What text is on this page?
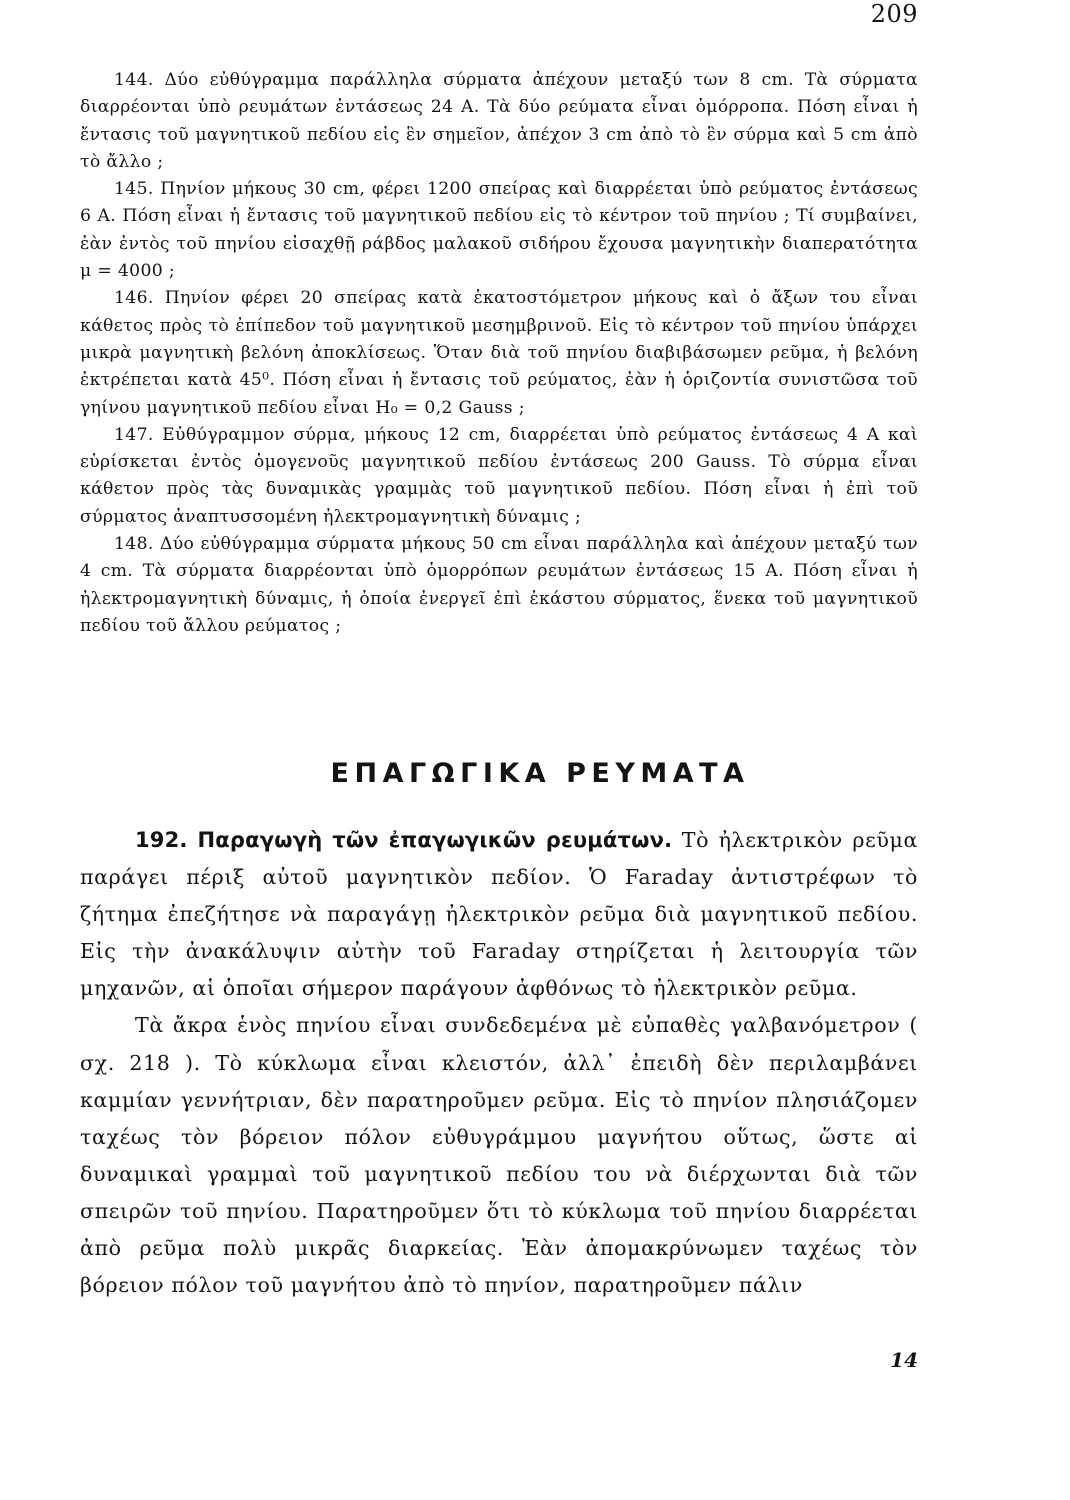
209

144. Δύο εὐθύγραμμα παράλληλα σύρματα ἀπέχουν μεταξύ των 8 cm. Τὰ σύρματα διαρρέονται ὑπὸ ρευμάτων ἐντάσεως 24 Α. Τὰ δύο ρεύματα εἶναι ὁμόρροπα. Πόση εἶναι ἡ ἔντασις τοῦ μαγνητικοῦ πεδίου εἰς ἓν σημεῖον, ἀπέχον 3 cm ἀπὸ τὸ ἓν σύρμα καὶ 5 cm ἀπὸ τὸ ἄλλο ;

145. Πηνίον μήκους 30 cm, φέρει 1200 σπείρας καὶ διαρρέεται ὑπὸ ρεύματος ἐντάσεως 6 Α. Πόση εἶναι ἡ ἔντασις τοῦ μαγνητικοῦ πεδίου εἰς τὸ κέντρον τοῦ πηνίου ; Τί συμβαίνει, ἐὰν ἐντὸς τοῦ πηνίου εἰσαχθῇ ράβδος μαλακοῦ σιδήρου ἔχουσα μαγνητικὴν διαπερατότητα μ = 4000 ;

146. Πηνίον φέρει 20 σπείρας κατὰ ἑκατοστόμετρον μήκους καὶ ὁ ἄξων του εἶναι κάθετος πρὸς τὸ ἐπίπεδον τοῦ μαγνητικοῦ μεσημβρινοῦ. Εἰς τὸ κέντρον τοῦ πηνίου ὑπάρχει μικρὰ μαγνητικὴ βελόνη ἀποκλίσεως. Ὅταν διὰ τοῦ πηνίου διαβιβάσωμεν ρεῦμα, ἡ βελόνη ἐκτρέπεται κατὰ 45⁰. Πόση εἶναι ἡ ἔντασις τοῦ ρεύματος, ἐὰν ἡ ὁριζοντία συνιστῶσα τοῦ γηίνου μαγνητικοῦ πεδίου εἶναι H₀ = 0,2 Gauss ;

147. Εὐθύγραμμον σύρμα, μήκους 12 cm, διαρρέεται ὑπὸ ρεύματος ἐντάσεως 4 Α καὶ εὑρίσκεται ἐντὸς ὁμογενοῦς μαγνητικοῦ πεδίου ἐντάσεως 200 Gauss. Τὸ σύρμα εἶναι κάθετον πρὸς τὰς δυναμικὰς γραμμὰς τοῦ μαγνητικοῦ πεδίου. Πόση εἶναι ἡ ἐπὶ τοῦ σύρματος ἀναπτυσσομένη ἠλεκτρομαγνητικὴ δύναμις ;

148. Δύο εὐθύγραμμα σύρματα μήκους 50 cm εἶναι παράλληλα καὶ ἀπέχουν μεταξύ των 4 cm. Τὰ σύρματα διαρρέονται ὑπὸ ὁμορρόπων ρευμάτων ἐντάσεως 15 Α. Πόση εἶναι ἡ ἠλεκτρομαγνητικὴ δύναμις, ἡ ὁποία ἐνεργεῖ ἐπὶ ἑκάστου σύρματος, ἕνεκα τοῦ μαγνητικοῦ πεδίου τοῦ ἄλλου ρεύματος ;

ΕΠΑΓΩΓΙΚΑ ΡΕΥΜΑΤΑ

192. Παραγωγὴ τῶν ἐπαγωγικῶν ρευμάτων. Τὸ ἠλεκτρικὸν ρεῦμα παράγει πέριξ αὐτοῦ μαγνητικὸν πεδίον. Ὁ Faraday ἀντιστρέφων τὸ ζήτημα ἐπεζήτησε νὰ παραγάγῃ ἠλεκτρικὸν ρεῦμα διὰ μαγνητικοῦ πεδίου. Εἰς τὴν ἀνακάλυψιν αὐτὴν τοῦ Faraday στηρίζεται ἡ λειτουργία τῶν μηχανῶν, αἱ ὁποῖαι σήμερον παράγουν ἀφθόνως τὸ ἠλεκτρικὸν ρεῦμα.

Τὰ ἄκρα ἑνὸς πηνίου εἶναι συνδεδεμένα μὲ εὐπαθὲς γαλβανόμετρον ( σχ. 218 ). Τὸ κύκλωμα εἶναι κλειστόν, ἀλλ᾽ ἐπειδὴ δὲν περιλαμβάνει καμμίαν γεννήτριαν, δὲν παρατηροῦμεν ρεῦμα. Εἰς τὸ πηνίον πλησιάζομεν ταχέως τὸν βόρειον πόλον εὐθυγράμμου μαγνήτου οὕτως, ὥστε αἱ δυναμικαὶ γραμμαὶ τοῦ μαγνητικοῦ πεδίου του νὰ διέρχωνται διὰ τῶν σπειρῶν τοῦ πηνίου. Παρατηροῦμεν ὅτι τὸ κύκλωμα τοῦ πηνίου διαρρέεται ἀπὸ ρεῦμα πολὺ μικρᾶς διαρκείας. Ἐὰν ἀπομακρύνωμεν ταχέως τὸν βόρειον πόλον τοῦ μαγνήτου ἀπὸ τὸ πηνίον, παρατηροῦμεν πάλιν

14
